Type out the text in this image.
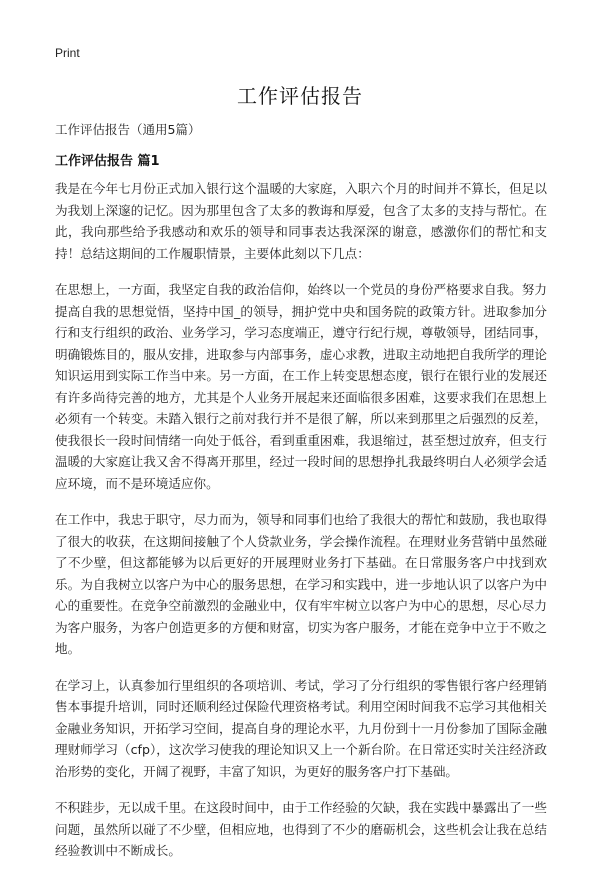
Print
工作评估报告
工作评估报告（通用5篇）
工作评估报告 篇1

我是在今年七月份正式加入银行这个温暖的大家庭，入职六个月的时间并不算长，但足以为我划上深邃的记忆。因为那里包含了太多的教诲和厚爱，包含了太多的支持与帮忙。在此，我向那些给予我感动和欢乐的领导和同事表达我深深的谢意，感激你们的帮忙和支持！总结这期间的工作履职情景，主要体此刻以下几点：

在思想上，一方面，我坚定自我的政治信仰，始终以一个党员的身份严格要求自我。努力提高自我的思想觉悟，坚持中国_的领导，拥护党中央和国务院的政策方针。进取参加分行和支行组织的政治、业务学习，学习态度端正，遵守行纪行规，尊敬领导，团结同事，明确锻炼目的，服从安排，进取参与内部事务，虚心求教，进取主动地把自我所学的理论知识运用到实际工作当中来。另一方面，在工作上转变思想态度，银行在银行业的发展还有许多尚待完善的地方，尤其是个人业务开展起来还面临很多困难，这要求我们在思想上必须有一个转变。未踏入银行之前对我行并不是很了解，所以来到那里之后强烈的反差，使我很长一段时间情绪一向处于低谷，看到重重困难，我退缩过，甚至想过放弃，但支行温暖的大家庭让我又舍不得离开那里，经过一段时间的思想挣扎我最终明白人必须学会适应环境，而不是环境适应你。

在工作中，我忠于职守，尽力而为，领导和同事们也给了我很大的帮忙和鼓励，我也取得了很大的收获，在这期间接触了个人贷款业务，学会操作流程。在理财业务营销中虽然碰了不少壁，但这都能够为以后更好的开展理财业务打下基础。在日常服务客户中找到欢乐。为自我树立以客户为中心的服务思想，在学习和实践中，进一步地认识了以客户为中心的重要性。在竞争空前激烈的金融业中，仅有牢牢树立以客户为中心的思想，尽心尽力为客户服务，为客户创造更多的方便和财富，切实为客户服务，才能在竞争中立于不败之地。

在学习上，认真参加行里组织的各项培训、考试，学习了分行组织的零售银行客户经理销售本事提升培训，同时还顺利经过保险代理资格考试。利用空闲时间我不忘学习其他相关金融业务知识，开拓学习空间，提高自身的理论水平，九月份到十一月份参加了国际金融理财师学习（cfp），这次学习使我的理论知识又上一个新台阶。在日常还实时关注经济政治形势的变化，开阔了视野，丰富了知识，为更好的服务客户打下基础。

不积跬步，无以成千里。在这段时间中，由于工作经验的欠缺，我在实践中暴露出了一些问题，虽然所以碰了不少壁，但相应地，也得到了不少的磨砺机会，这些机会让我在总结经验教训中不断成长。
